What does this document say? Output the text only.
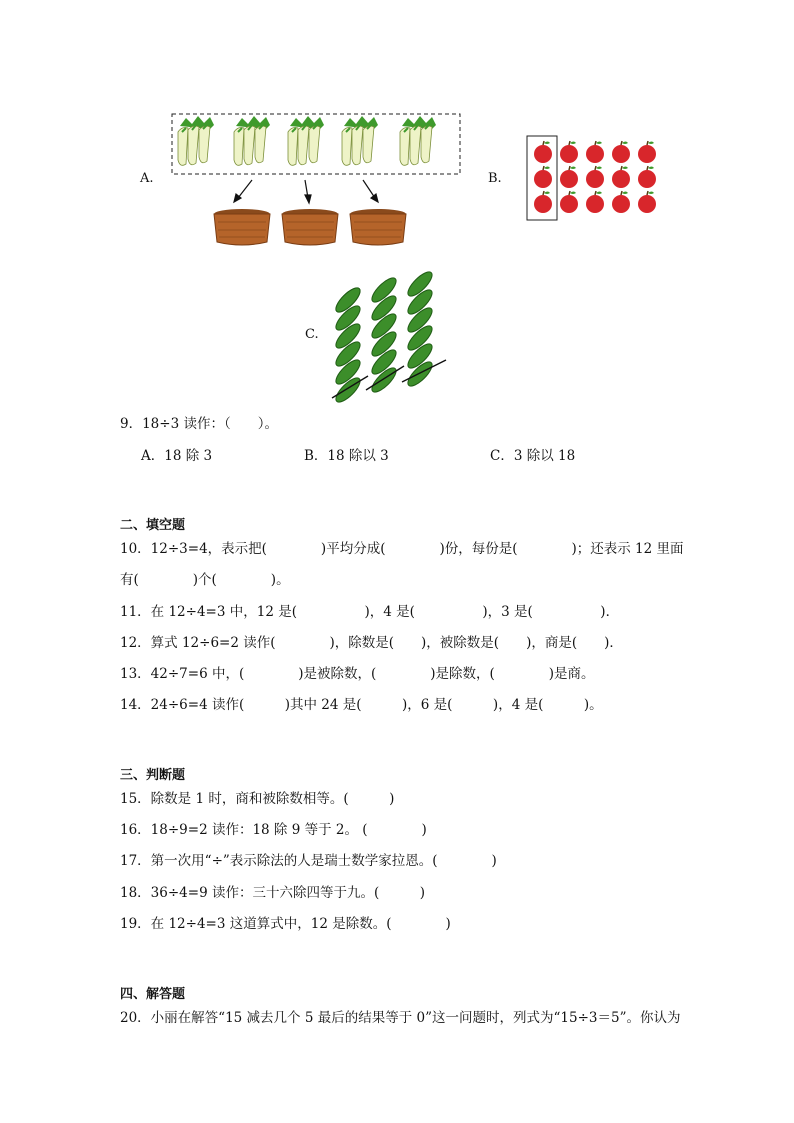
A.	B.
C.
9．18÷3 读作：（　　）。
A．18 除 3	B．18 除以 3	C．3 除以 18
二、填空题
10．12÷3=4，表示把(　　　　)平均分成(　　　　)份，每份是(　　　　)；还表示 12 里面
有(　　　　)个(　　　　)。
11．在 12÷4=3 中，12 是(　　　　　)，4 是(　　　　　)，3 是(　　　　　)．
12．算式 12÷6=2 读作(　　　　)，除数是(　　)，被除数是(　　)，商是(　　)．
13．42÷7=6 中，(　　　　)是被除数，(　　　　)是除数，(　　　　)是商。
14．24÷6=4 读作(　　　)其中 24 是(　　　)，6 是(　　　)，4 是(　　　)。
三、判断题
15．除数是 1 时，商和被除数相等。(　　　)
16．18÷9=2 读作：18 除 9 等于 2。 (　　　　)
17．第一次用“÷”表示除法的人是瑞士数学家拉恩。(　　　　)
18．36÷4=9 读作：三十六除四等于九。(　　　)
19．在 12÷4=3 这道算式中，12 是除数。(　　　　)
四、解答题
20．小丽在解答“15 减去几个 5 最后的结果等于 0”这一问题时，列式为“15÷3＝5”。你认为
